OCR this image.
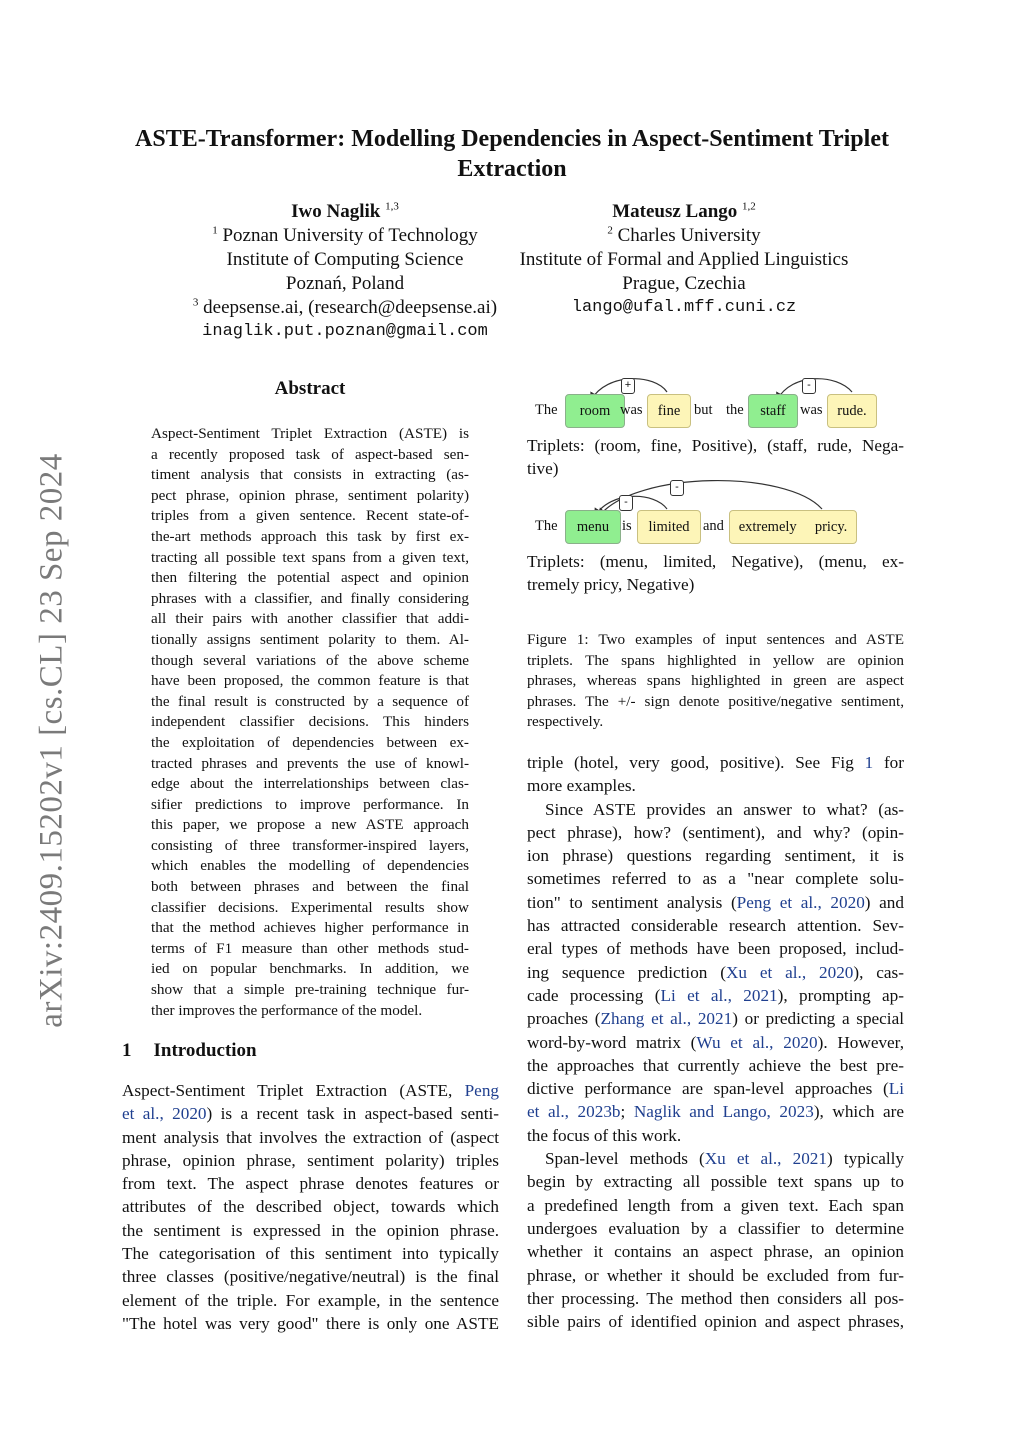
arXiv:2409.15202v1 [cs.CL] 23 Sep 2024
ASTE-Transformer: Modelling Dependencies in Aspect-Sentiment Triplet
Extraction
Iwo Naglik $^{1,3}$
$^1$ Poznan University of Technology
Institute of Computing Science
Poznań, Poland
$^3$ deepsense.ai, (research@deepsense.ai)
inaglik.put.poznan@gmail.com
Mateusz Lango $^{1,2}$
$^2$ Charles University
Institute of Formal and Applied Linguistics
Prague, Czechia
lango@ufal.mff.cuni.cz
Abstract
Aspect-Sentiment Triplet Extraction (ASTE) is
a recently proposed task of aspect-based sen-
timent analysis that consists in extracting (as-
pect phrase, opinion phrase, sentiment polarity)
triples from a given sentence. Recent state-of-
the-art methods approach this task by first ex-
tracting all possible text spans from a given text,
then filtering the potential aspect and opinion
phrases with a classifier, and finally considering
all their pairs with another classifier that addi-
tionally assigns sentiment polarity to them. Al-
though several variations of the above scheme
have been proposed, the common feature is that
the final result is constructed by a sequence of
independent classifier decisions. This hinders
the exploitation of dependencies between ex-
tracted phrases and prevents the use of knowl-
edge about the interrelationships between clas-
sifier predictions to improve performance. In
this paper, we propose a new ASTE approach
consisting of three transformer-inspired layers,
which enables the modelling of dependencies
both between phrases and between the final
classifier decisions. Experimental results show
that the method achieves higher performance in
terms of F1 measure than other methods stud-
ied on popular benchmarks. In addition, we
show that a simple pre-training technique fur-
ther improves the performance of the model.
1 Introduction
Aspect-Sentiment Triplet Extraction (ASTE, Peng
et al., 2020) is a recent task in aspect-based senti-
ment analysis that involves the extraction of (aspect
phrase, opinion phrase, sentiment polarity) triples
from text. The aspect phrase denotes features or
attributes of the described object, towards which
the sentiment is expressed in the opinion phrase.
The categorisation of this sentiment into typically
three classes (positive/negative/neutral) is the final
element of the triple. For example, in the sentence
"The hotel was very good" there is only one ASTE
The	room was	fine but the	staff was	rude.
+	-
The	menu is	limited and	extremely pricy.
-
-
Triplets: (room, fine, Positive), (staff, rude, Nega-
tive)
Triplets: (menu, limited, Negative), (menu, ex-
tremely pricy, Negative)
Figure 1: Two examples of input sentences and ASTE
triplets. The spans highlighted in yellow are opinion
phrases, whereas spans highlighted in green are aspect
phrases. The +/- sign denote positive/negative sentiment,
respectively.
triple (hotel, very good, positive). See Fig 1 for
more examples.
Since ASTE provides an answer to what? (as-
pect phrase), how? (sentiment), and why? (opin-
ion phrase) questions regarding sentiment, it is
sometimes referred to as a "near complete solu-
tion" to sentiment analysis (Peng et al., 2020) and
has attracted considerable research attention. Sev-
eral types of methods have been proposed, includ-
ing sequence prediction (Xu et al., 2020), cas-
cade processing (Li et al., 2021), prompting ap-
proaches (Zhang et al., 2021) or predicting a special
word-by-word matrix (Wu et al., 2020). However,
the approaches that currently achieve the best pre-
dictive performance are span-level approaches (Li
et al., 2023b; Naglik and Lango, 2023), which are
the focus of this work.
Span-level methods (Xu et al., 2021) typically
begin by extracting all possible text spans up to
a predefined length from a given text. Each span
undergoes evaluation by a classifier to determine
whether it contains an aspect phrase, an opinion
phrase, or whether it should be excluded from fur-
ther processing. The method then considers all pos-
sible pairs of identified opinion and aspect phrases,
